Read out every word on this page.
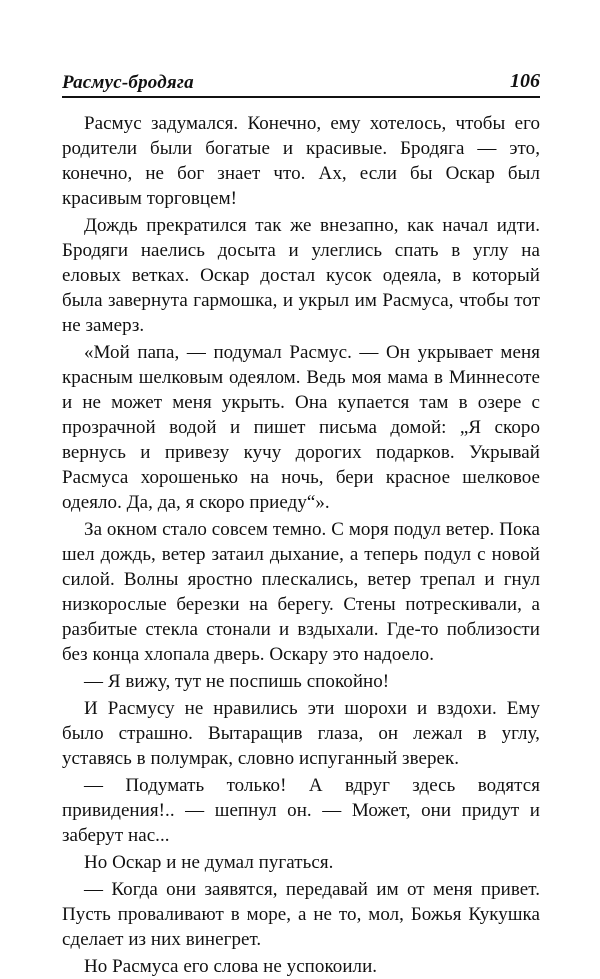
Расмус-бродяга	106

Расмус задумался. Конечно, ему хотелось, чтобы его родители были богатые и красивые. Бродяга — это, конечно, не бог знает что. Ах, если бы Оскар был красивым торговцем!

Дождь прекратился так же внезапно, как начал идти. Бродяги наелись досыта и улеглись спать в углу на еловых ветках. Оскар достал кусок одеяла, в который была завернута гармошка, и укрыл им Расмуса, чтобы тот не замерз.

«Мой папа, — подумал Расмус. — Он укрывает меня красным шелковым одеялом. Ведь моя мама в Миннесоте и не может меня укрыть. Она купается там в озере с прозрачной водой и пишет письма домой: „Я скоро вернусь и привезу кучу дорогих подарков. Укрывай Расмуса хорошенько на ночь, бери красное шелковое одеяло. Да, да, я скоро приеду“».

За окном стало совсем темно. С моря подул ветер. Пока шел дождь, ветер затаил дыхание, а теперь подул с новой силой. Волны яростно плескались, ветер трепал и гнул низкорослые березки на берегу. Стены потрескивали, а разбитые стекла стонали и вздыхали. Где-то поблизости без конца хлопала дверь. Оскару это надоело.

— Я вижу, тут не поспишь спокойно!

И Расмусу не нравились эти шорохи и вздохи. Ему было страшно. Вытаращив глаза, он лежал в углу, уставясь в полумрак, словно испуганный зверек.

— Подумать только! А вдруг здесь водятся привидения!.. — шепнул он. — Может, они придут и заберут нас...

Но Оскар и не думал пугаться.

— Когда они заявятся, передавай им от меня привет. Пусть проваливают в море, а не то, мол, Божья Кукушка сделает из них винегрет.

Но Расмуса его слова не успокоили.
